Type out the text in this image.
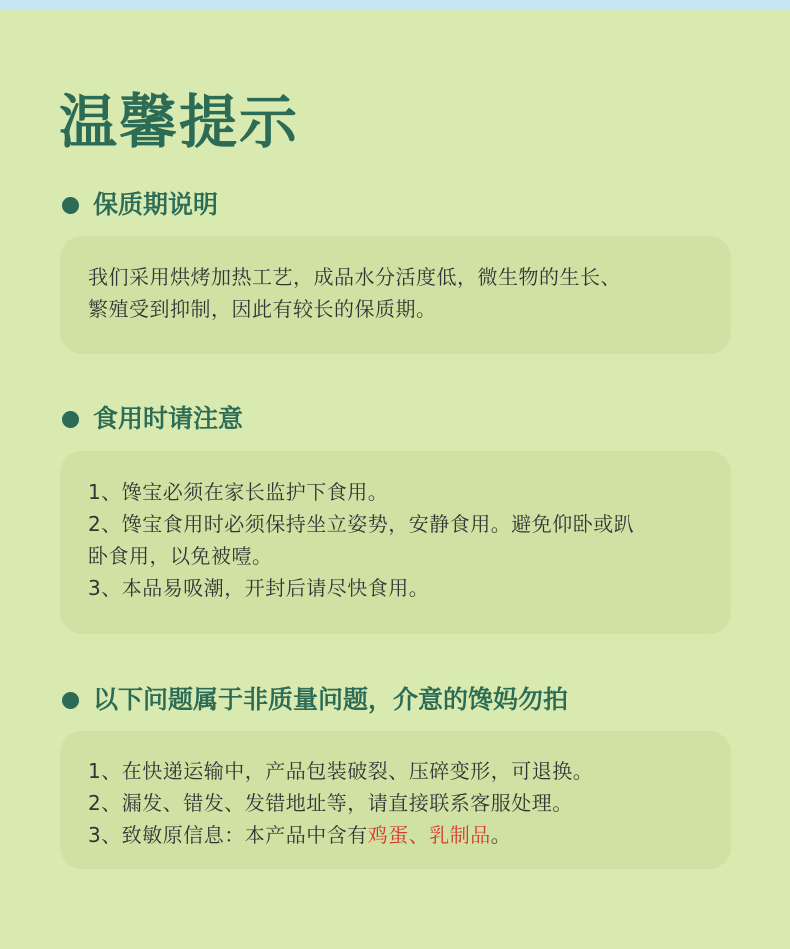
温馨提示
保质期说明
我们采用烘烤加热工艺，成品水分活度低，微生物的生长、
繁殖受到抑制，因此有较长的保质期。
食用时请注意
1、馋宝必须在家长监护下食用。
2、馋宝食用时必须保持坐立姿势，安静食用。避免仰卧或趴
卧食用，以免被噎。
3、本品易吸潮，开封后请尽快食用。
以下问题属于非质量问题，介意的馋妈勿拍
1、在快递运输中，产品包装破裂、压碎变形，可退换。
2、漏发、错发、发错地址等，请直接联系客服处理。
3、致敏原信息：本产品中含有鸡蛋、乳制品。
